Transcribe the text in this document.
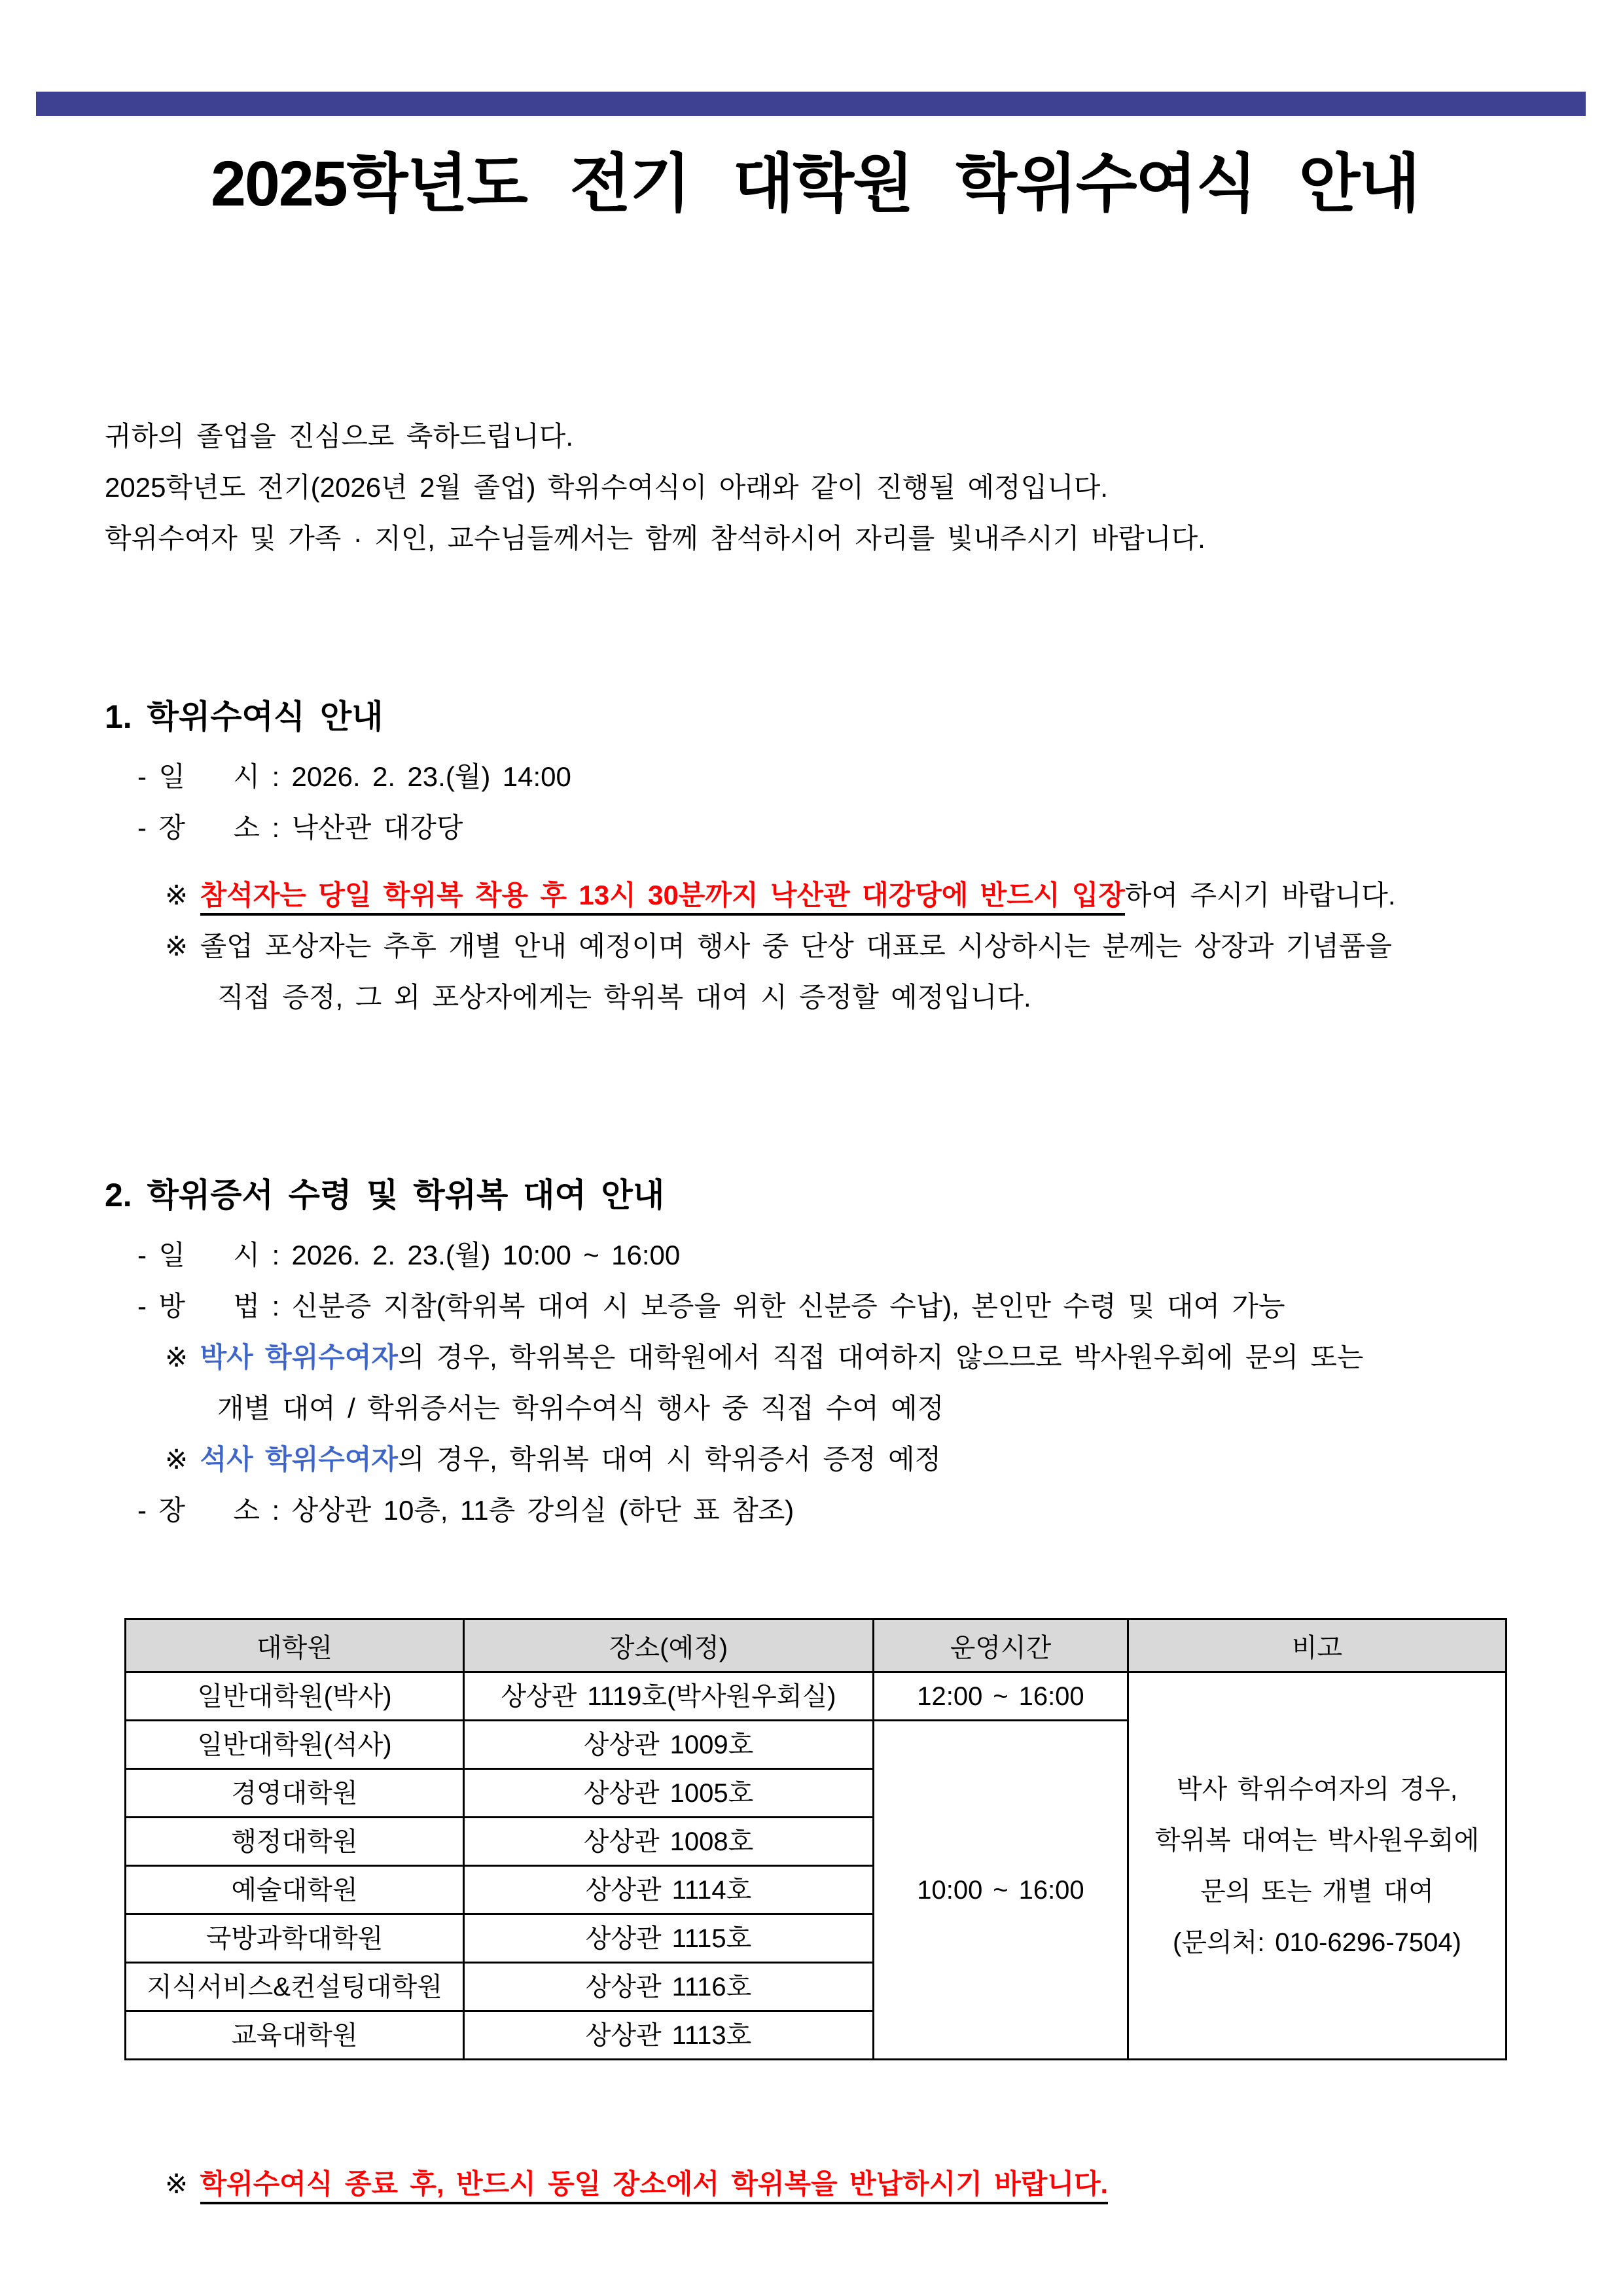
2025학년도 전기 대학원 학위수여식 안내

귀하의 졸업을 진심으로 축하드립니다.

2025학년도 전기(2026년 2월 졸업) 학위수여식이 아래와 같이 진행될 예정입니다.

학위수여자 및 가족 · 지인, 교수님들께서는 함께 참석하시어 자리를 빛내주시기 바랍니다.

1. 학위수여식 안내

- 일    시 : 2026. 2. 23.(월) 14:00

- 장    소 : 낙산관 대강당

※ 참석자는 당일 학위복 착용 후 13시 30분까지 낙산관 대강당에 반드시 입장하여 주시기 바랍니다.

※ 졸업 포상자는 추후 개별 안내 예정이며 행사 중 단상 대표로 시상하시는 분께는 상장과 기념품을

직접 증정, 그 외 포상자에게는 학위복 대여 시 증정할 예정입니다.

2. 학위증서 수령 및 학위복 대여 안내

- 일    시 : 2026. 2. 23.(월) 10:00 ~ 16:00

- 방    법 : 신분증 지참(학위복 대여 시 보증을 위한 신분증 수납), 본인만 수령 및 대여 가능

※ 박사 학위수여자의 경우, 학위복은 대학원에서 직접 대여하지 않으므로 박사원우회에 문의 또는

개별 대여 / 학위증서는 학위수여식 행사 중 직접 수여 예정

※ 석사 학위수여자의 경우, 학위복 대여 시 학위증서 증정 예정

- 장    소 : 상상관 10층, 11층 강의실 (하단 표 참조)

대학원	장소(예정)	운영시간	비고
일반대학원(박사)	상상관 1119호(박사원우회실)	12:00 ~ 16:00	박사 학위수여자의 경우,
학위복 대여는 박사원우회에
문의 또는 개별 대여
(문의처: 010-6296-7504)

일반대학원(석사)	상상관 1009호	10:00 ~ 16:00	
경영대학원	상상관 1005호		
행정대학원	상상관 1008호		
예술대학원	상상관 1114호		
국방과학대학원	상상관 1115호		
지식서비스&컨설팅대학원	상상관 1116호		
교육대학원	상상관 1113호		

※ 학위수여식 종료 후, 반드시 동일 장소에서 학위복을 반납하시기 바랍니다.
